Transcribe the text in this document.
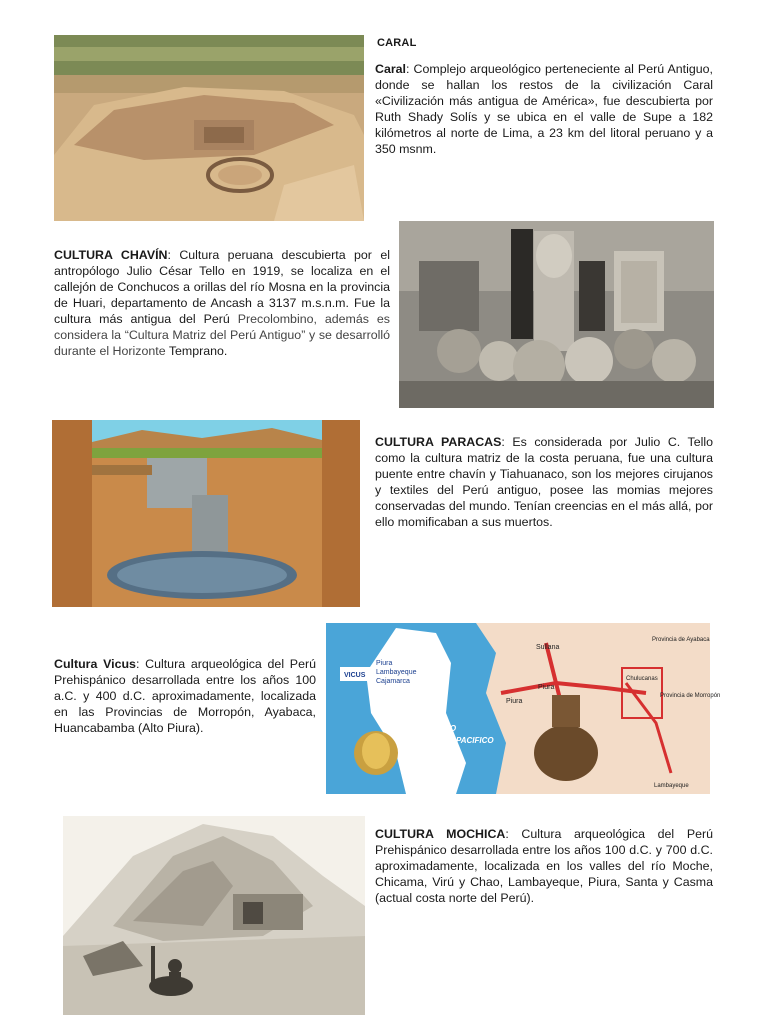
CARAL
Caral: Complejo arqueológico perteneciente al Perú Antiguo, donde se hallan los restos de la civilización Caral «Civilización más antigua de América», fue descubierta por Ruth Shady Solís y se ubica en el valle de Supe a 182 kilómetros al norte de Lima, a 23 km del litoral peruano y a 350 msnm.
CULTURA CHAVÍN: Cultura peruana descubierta por el antropólogo Julio César Tello en 1919, se localiza en el callejón de Conchucos a orillas del río Mosna en la provincia de Huari, departamento de Ancash a 3137 m.s.n.m. Fue la cultura más antigua del Perú Precolombino, además es considera la “Cultura Matriz del Perú Antiguo” y se desarrolló durante el Horizonte Temprano.
CULTURA PARACAS: Es considerada por Julio C. Tello como la cultura matriz de la costa peruana, fue una cultura puente entre chavín y Tiahuanaco, son los mejores cirujanos y textiles del Perú antiguo, posee las momias mejores conservadas del mundo. Tenían creencias en el más allá, por ello momificaban a sus muertos.
Cultura Vicus: Cultura arqueológica del Perú Prehispánico desarrollada entre los años 100 a.C. y 400 d.C. aproximadamente, localizada en las Provincias de Morropón, Ayabaca, Huancabamba (Alto Piura).
VICUS
Piura
Lambayeque
Cajamarca
OCEANO
PACIFICO
Sullana
Piura
Piura
Chulucanas
Provincia de Ayabaca
Provincia de Morropón
Lambayeque
CULTURA MOCHICA: Cultura arqueológica del Perú Prehispánico desarrollada entre los años 100 d.C. y 700 d.C. aproximadamente, localizada en los valles del río Moche, Chicama, Virú y Chao, Lambayeque, Piura, Santa y Casma (actual costa norte del Perú).
